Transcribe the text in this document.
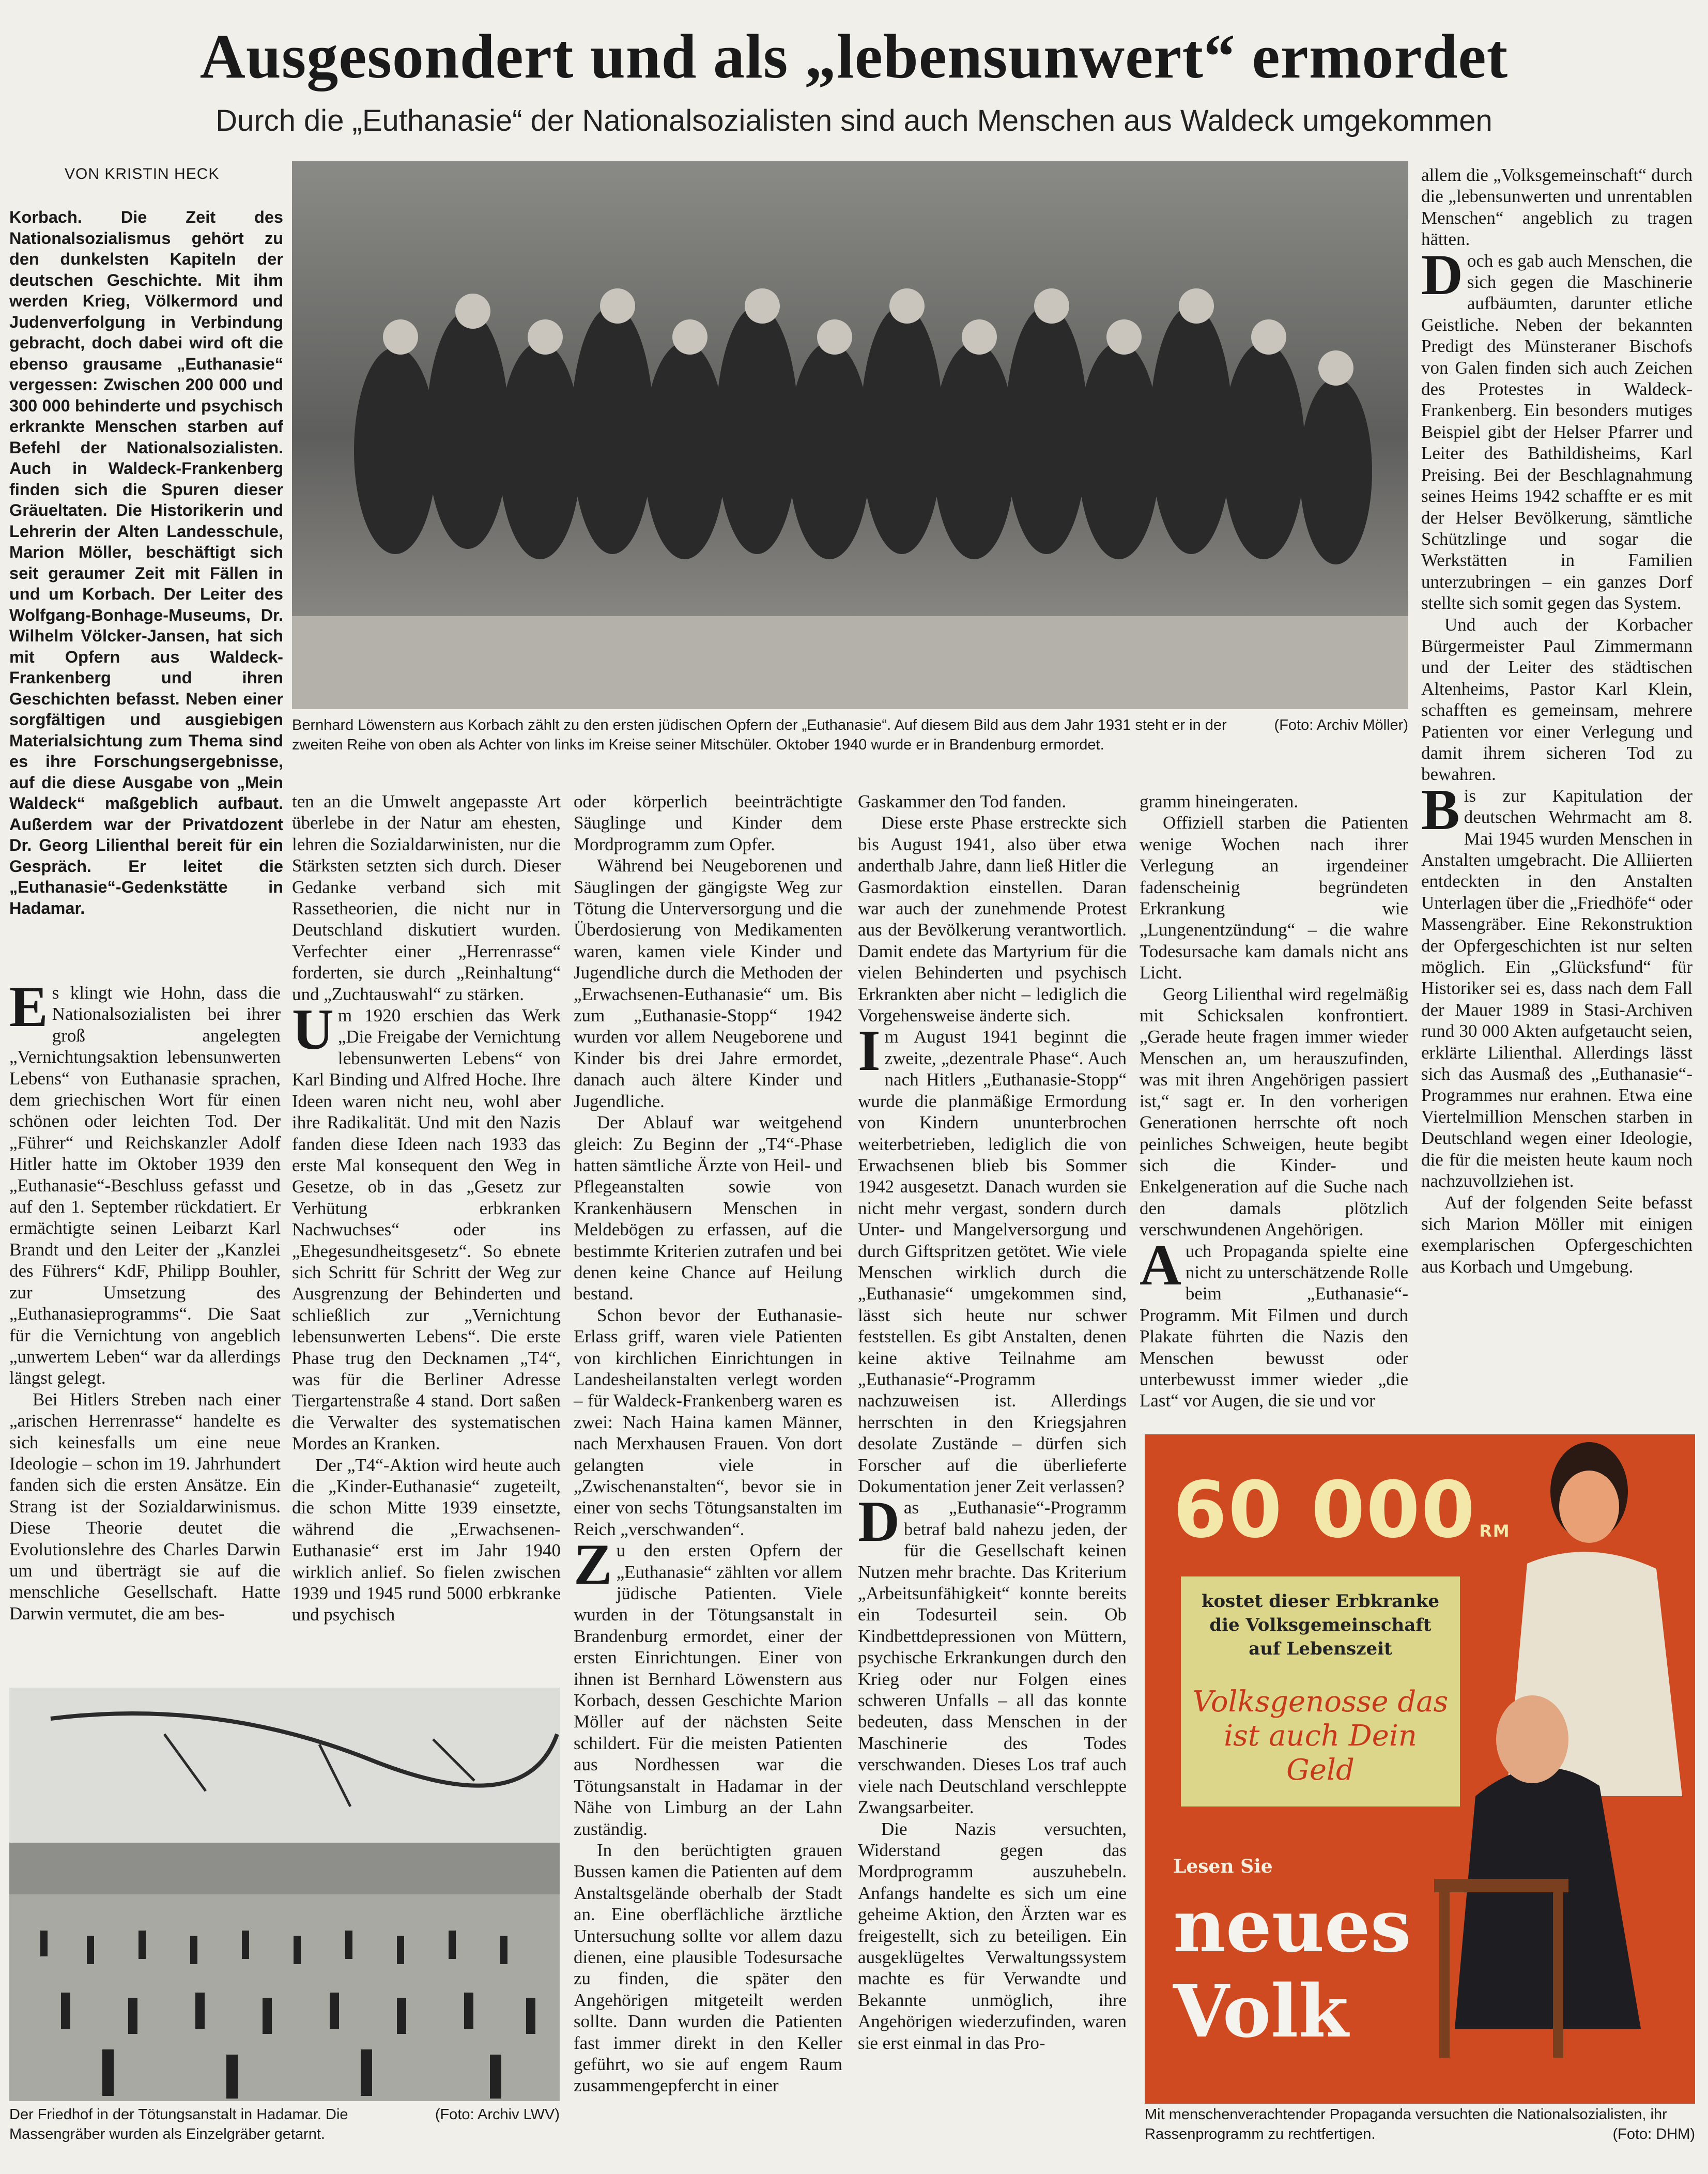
Ausgesondert und als „lebensunwert“ ermordet
Durch die „Euthanasie“ der Nationalsozialisten sind auch Menschen aus Waldeck umgekommen
VON KRISTIN HECK
Korbach. Die Zeit des Nationalsozialismus gehört zu den dunkelsten Kapiteln der deutschen Geschichte. Mit ihm werden Krieg, Völkermord und Judenverfolgung in Verbindung gebracht, doch dabei wird oft die ebenso grausame „Euthanasie“ vergessen: Zwischen 200 000 und 300 000 behinderte und psychisch erkrankte Menschen starben auf Befehl der Nationalsozialisten. Auch in Waldeck-Frankenberg finden sich die Spuren dieser Gräueltaten. Die Historikerin und Lehrerin der Alten Landesschule, Marion Möller, beschäftigt sich seit geraumer Zeit mit Fällen in und um Korbach. Der Leiter des Wolfgang-Bonhage-Museums, Dr. Wilhelm Völcker-Jansen, hat sich mit Opfern aus Waldeck-Frankenberg und ihren Geschichten befasst. Neben einer sorgfältigen und ausgiebigen Materialsichtung zum Thema sind es ihre Forschungsergebnisse, auf die diese Ausgabe von „Mein Waldeck“ maßgeblich aufbaut. Außerdem war der Privatdozent Dr. Georg Lilienthal bereit für ein Gespräch. Er leitet die „Euthanasie“-Gedenkstätte in Hadamar.
(Foto: Archiv Möller)
Bernhard Löwenstern aus Korbach zählt zu den ersten jüdischen Opfern der „Euthanasie“. Auf diesem Bild aus dem Jahr 1931 steht er in der zweiten Reihe von oben als Achter von links im Kreise seiner Mitschüler. Oktober 1940 wurde er in Brandenburg ermordet.

Es klingt wie Hohn, dass die Nationalsozialisten bei ihrer groß angelegten „Vernichtungsaktion lebensunwerten Lebens“ von Euthanasie sprachen, dem griechischen Wort für einen schönen oder leichten Tod. Der „Führer“ und Reichskanzler Adolf Hitler hatte im Oktober 1939 den „Euthanasie“-Beschluss gefasst und auf den 1. September rückdatiert. Er ermächtigte seinen Leibarzt Karl Brandt und den Leiter der „Kanzlei des Führers“ KdF, Philipp Bouhler, zur Umsetzung des „Euthanasieprogramms“. Die Saat für die Vernichtung von angeblich „unwertem Leben“ war da allerdings längst gelegt.

Bei Hitlers Streben nach einer „arischen Herrenrasse“ handelte es sich keinesfalls um eine neue Ideologie – schon im 19. Jahrhundert fanden sich die ersten Ansätze. Ein Strang ist der Sozialdarwinismus. Diese Theorie deutet die Evolutionslehre des Charles Darwin um und überträgt sie auf die menschliche Gesellschaft. Hatte Darwin vermutet, die am bes-

ten an die Umwelt angepasste Art überlebe in der Natur am ehesten, lehren die Sozialdarwinisten, nur die Stärksten setzten sich durch. Dieser Gedanke verband sich mit Rassetheorien, die nicht nur in Deutschland diskutiert wurden. Verfechter einer „Herrenrasse“ forderten, sie durch „Reinhaltung“ und „Zuchtauswahl“ zu stärken.

Um 1920 erschien das Werk „Die Freigabe der Vernichtung lebensunwerten Lebens“ von Karl Binding und Alfred Hoche. Ihre Ideen waren nicht neu, wohl aber ihre Radikalität. Und mit den Nazis fanden diese Ideen nach 1933 das erste Mal konsequent den Weg in Gesetze, ob in das „Gesetz zur Verhütung erbkranken Nachwuchses“ oder ins „Ehegesundheitsgesetz“. So ebnete sich Schritt für Schritt der Weg zur Ausgrenzung der Behinderten und schließlich zur „Vernichtung lebensunwerten Lebens“. Die erste Phase trug den Decknamen „T4“, was für die Berliner Adresse Tiergartenstraße 4 stand. Dort saßen die Verwalter des systematischen Mordes an Kranken.

Der „T4“-Aktion wird heute auch die „Kinder-Euthanasie“ zugeteilt, die schon Mitte 1939 einsetzte, während die „Erwachsenen-Euthanasie“ erst im Jahr 1940 wirklich anlief. So fielen zwischen 1939 und 1945 rund 5000 erbkranke und psychisch

oder körperlich beeinträchtigte Säuglinge und Kinder dem Mordprogramm zum Opfer.

Während bei Neugeborenen und Säuglingen der gängigste Weg zur Tötung die Unterversorgung und die Überdosierung von Medikamenten waren, kamen viele Kinder und Jugendliche durch die Methoden der „Erwachsenen-Euthanasie“ um. Bis zum „Euthanasie-Stopp“ 1942 wurden vor allem Neugeborene und Kinder bis drei Jahre ermordet, danach auch ältere Kinder und Jugendliche.

Der Ablauf war weitgehend gleich: Zu Beginn der „T4“-Phase hatten sämtliche Ärzte von Heil- und Pflegeanstalten sowie von Krankenhäusern Menschen in Meldebögen zu erfassen, auf die bestimmte Kriterien zutrafen und bei denen keine Chance auf Heilung bestand.

Schon bevor der Euthanasie-Erlass griff, waren viele Patienten von kirchlichen Einrichtungen in Landesheilanstalten verlegt worden – für Waldeck-Frankenberg waren es zwei: Nach Haina kamen Männer, nach Merxhausen Frauen. Von dort gelangten viele in „Zwischenanstalten“, bevor sie in einer von sechs Tötungsanstalten im Reich „verschwanden“.

Zu den ersten Opfern der „Euthanasie“ zählten vor allem jüdische Patienten. Viele wurden in der Tötungsanstalt in Brandenburg ermordet, einer der ersten Einrichtungen. Einer von ihnen ist Bernhard Löwenstern aus Korbach, dessen Geschichte Marion Möller auf der nächsten Seite schildert. Für die meisten Patienten aus Nordhessen war die Tötungsanstalt in Hadamar in der Nähe von Limburg an der Lahn zuständig.

In den berüchtigten grauen Bussen kamen die Patienten auf dem Anstaltsgelände oberhalb der Stadt an. Eine oberflächliche ärztliche Untersuchung sollte vor allem dazu dienen, eine plausible Todesursache zu finden, die später den Angehörigen mitgeteilt werden sollte. Dann wurden die Patienten fast immer direkt in den Keller geführt, wo sie auf engem Raum zusammengepfercht in einer

Gaskammer den Tod fanden.

Diese erste Phase erstreckte sich bis August 1941, also über etwa anderthalb Jahre, dann ließ Hitler die Gasmordaktion einstellen. Daran war auch der zunehmende Protest aus der Bevölkerung verantwortlich. Damit endete das Martyrium für die vielen Behinderten und psychisch Erkrankten aber nicht – lediglich die Vorgehensweise änderte sich.

Im August 1941 beginnt die zweite, „dezentrale Phase“. Auch nach Hitlers „Euthanasie-Stopp“ wurde die planmäßige Ermordung von Kindern ununterbrochen weiterbetrieben, lediglich die von Erwachsenen blieb bis Sommer 1942 ausgesetzt. Danach wurden sie nicht mehr vergast, sondern durch Unter- und Mangelversorgung und durch Giftspritzen getötet. Wie viele Menschen wirklich durch die „Euthanasie“ umgekommen sind, lässt sich heute nur schwer feststellen. Es gibt Anstalten, denen keine aktive Teilnahme am „Euthanasie“-Programm nachzuweisen ist. Allerdings herrschten in den Kriegsjahren desolate Zustände – dürfen sich Forscher auf die überlieferte Dokumentation jener Zeit verlassen?

Das „Euthanasie“-Programm betraf bald nahezu jeden, der für die Gesellschaft keinen Nutzen mehr brachte. Das Kriterium „Arbeitsunfähigkeit“ konnte bereits ein Todesurteil sein. Ob Kindbettdepressionen von Müttern, psychische Erkrankungen durch den Krieg oder nur Folgen eines schweren Unfalls – all das konnte bedeuten, dass Menschen in der Maschinerie des Todes verschwanden. Dieses Los traf auch viele nach Deutschland verschleppte Zwangsarbeiter.

Die Nazis versuchten, Widerstand gegen das Mordprogramm auszuhebeln. Anfangs handelte es sich um eine geheime Aktion, den Ärzten war es freigestellt, sich zu beteiligen. Ein ausgeklügeltes Verwaltungssystem machte es für Verwandte und Bekannte unmöglich, ihre Angehörigen wiederzufinden, waren sie erst einmal in das Pro-

gramm hineingeraten.

Offiziell starben die Patienten wenige Wochen nach ihrer Verlegung an irgendeiner fadenscheinig begründeten Erkrankung wie „Lungenentzündung“ – die wahre Todesursache kam damals nicht ans Licht.

Georg Lilienthal wird regelmäßig mit Schicksalen konfrontiert. „Gerade heute fragen immer wieder Menschen an, um herauszufinden, was mit ihren Angehörigen passiert ist,“ sagt er. In den vorherigen Generationen herrschte oft noch peinliches Schweigen, heute begibt sich die Kinder- und Enkelgeneration auf die Suche nach den damals plötzlich verschwundenen Angehörigen.

Auch Propaganda spielte eine nicht zu unterschätzende Rolle beim „Euthanasie“-Programm. Mit Filmen und durch Plakate führten die Nazis den Menschen bewusst oder unterbewusst immer wieder „die Last“ vor Augen, die sie und vor

allem die „Volksgemeinschaft“ durch die „lebensunwerten und unrentablen Menschen“ angeblich zu tragen hätten.

Doch es gab auch Menschen, die sich gegen die Maschinerie aufbäumten, darunter etliche Geistliche. Neben der bekannten Predigt des Münsteraner Bischofs von Galen finden sich auch Zeichen des Protestes in Waldeck-Frankenberg. Ein besonders mutiges Beispiel gibt der Helser Pfarrer und Leiter des Bathildisheims, Karl Preising. Bei der Beschlagnahmung seines Heims 1942 schaffte er es mit der Helser Bevölkerung, sämtliche Schützlinge und sogar die Werkstätten in Familien unterzubringen – ein ganzes Dorf stellte sich somit gegen das System.

Und auch der Korbacher Bürgermeister Paul Zimmermann und der Leiter des städtischen Altenheims, Pastor Karl Klein, schafften es gemeinsam, mehrere Patienten vor einer Verlegung und damit ihrem sicheren Tod zu bewahren.

Bis zur Kapitulation der deutschen Wehrmacht am 8. Mai 1945 wurden Menschen in Anstalten umgebracht. Die Alliierten entdeckten in den Anstalten Unterlagen über die „Friedhöfe“ oder Massengräber. Eine Rekonstruktion der Opfergeschichten ist nur selten möglich. Ein „Glücksfund“ für Historiker sei es, dass nach dem Fall der Mauer 1989 in Stasi-Archiven rund 30 000 Akten aufgetaucht seien, erklärte Lilienthal. Allerdings lässt sich das Ausmaß des „Euthanasie“-Programmes nur erahnen. Etwa eine Viertelmillion Menschen starben in Deutschland wegen einer Ideologie, die für die meisten heute kaum noch nachzuvollziehen ist.

Auf der folgenden Seite befasst sich Marion Möller mit einigen exemplarischen Opfergeschichten aus Korbach und Umgebung.

(Foto: Archiv LWV)
Der Friedhof in der Tötungsanstalt in Hadamar. Die Massengräber wurden als Einzelgräber getarnt.
60 000 RM
kostet dieser Erbkranke die Volksgemeinschaft auf Lebenszeit
Volksgenosse das ist auch Dein Geld
Lesen Sie
neues Volk
Mit menschenverachtender Propaganda versuchten die Nationalsozialisten, ihr Rassenprogramm zu rechtfertigen.	(Foto: DHM)
